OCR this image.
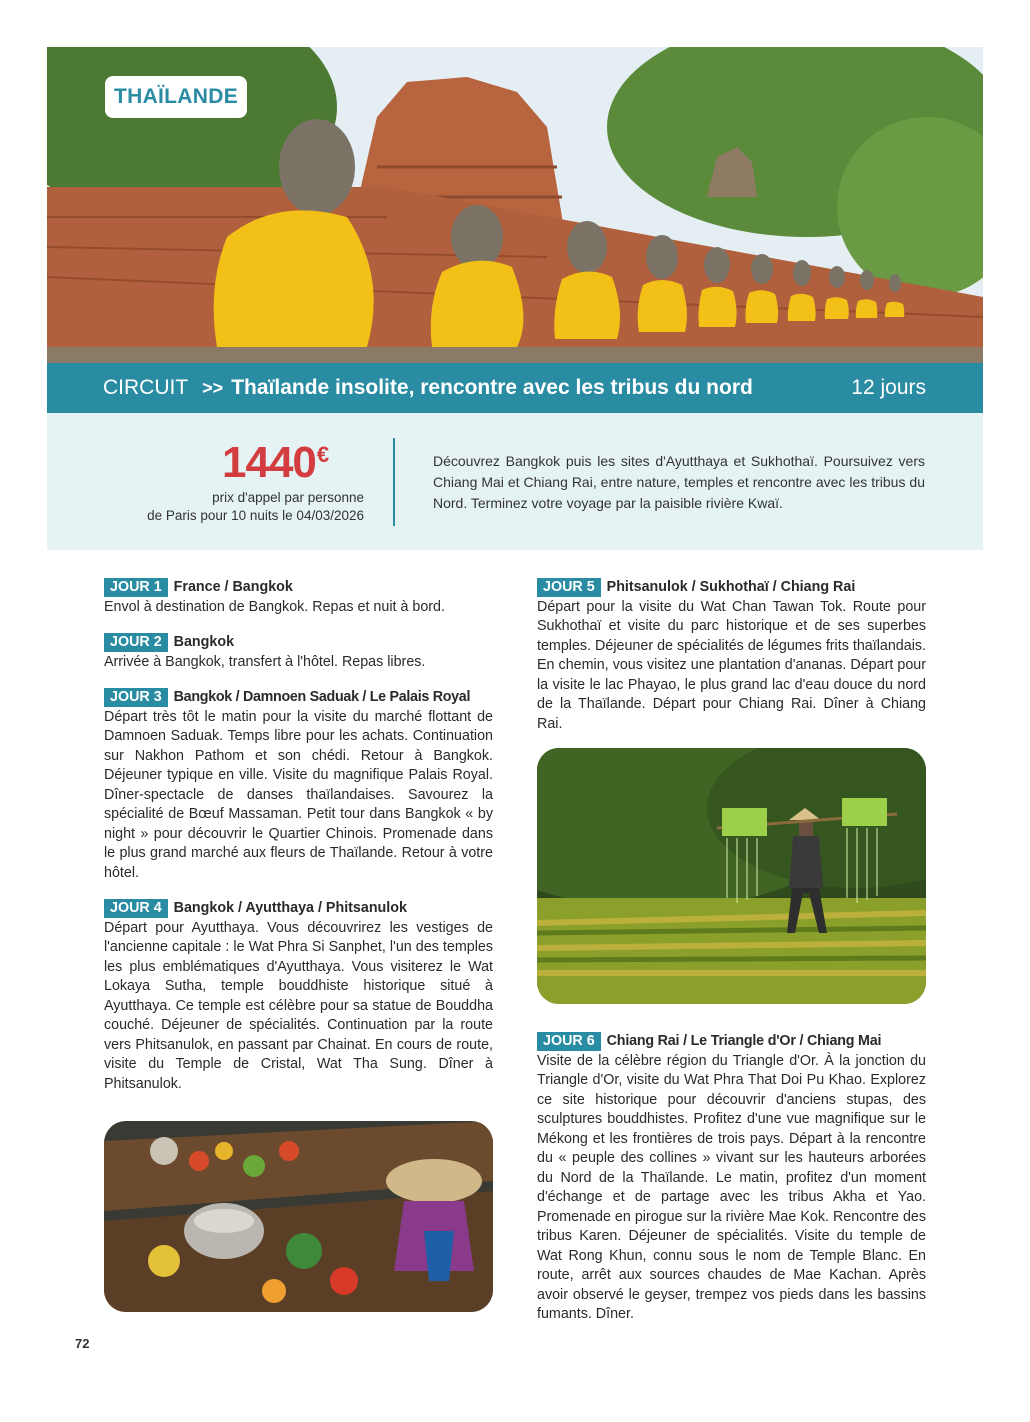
THAÏLANDE
CIRCUIT >> Thaïlande insolite, rencontre avec les tribus du nord	12 jours
1440€
prix d'appel par personne
de Paris pour 10 nuits le 04/03/2026
Découvrez Bangkok puis les sites d'Ayutthaya et Sukhothaï. Poursuivez vers Chiang Mai et Chiang Rai, entre nature, temples et rencontre avec les tribus du Nord. Terminez votre voyage par la paisible rivière Kwaï.
JOUR 1 France / Bangkok
Envol à destination de Bangkok. Repas et nuit à bord.
JOUR 2 Bangkok
Arrivée à Bangkok, transfert à l'hôtel. Repas libres.
JOUR 3 Bangkok / Damnoen Saduak / Le Palais Royal
Départ très tôt le matin pour la visite du marché flottant de Damnoen Saduak. Temps libre pour les achats. Continuation sur Nakhon Pathom et son chédi. Retour à Bangkok. Déjeuner typique en ville. Visite du magnifique Palais Royal. Dîner-spectacle de danses thaïlandaises. Savourez la spécialité de Bœuf Massaman. Petit tour dans Bangkok « by night » pour découvrir le Quartier Chinois. Promenade dans le plus grand marché aux fleurs de Thaïlande. Retour à votre hôtel.
JOUR 4 Bangkok / Ayutthaya / Phitsanulok
Départ pour Ayutthaya. Vous découvrirez les vestiges de l'ancienne capitale : le Wat Phra Si Sanphet, l'un des temples les plus emblématiques d'Ayutthaya. Vous visiterez le Wat Lokaya Sutha, temple bouddhiste historique situé à Ayutthaya. Ce temple est célèbre pour sa statue de Bouddha couché. Déjeuner de spécialités. Continuation par la route vers Phitsanulok, en passant par Chainat. En cours de route, visite du Temple de Cristal, Wat Tha Sung. Dîner à Phitsanulok.
JOUR 5 Phitsanulok / Sukhothaï / Chiang Rai
Départ pour la visite du Wat Chan Tawan Tok. Route pour Sukhothaï et visite du parc historique et de ses superbes temples. Déjeuner de spécialités de légumes frits thaïlandais. En chemin, vous visitez une plantation d'ananas. Départ pour la visite le lac Phayao, le plus grand lac d'eau douce du nord de la Thaïlande. Départ pour Chiang Rai. Dîner à Chiang Rai.
JOUR 6 Chiang Rai / Le Triangle d'Or / Chiang Mai
Visite de la célèbre région du Triangle d'Or. À la jonction du Triangle d'Or, visite du Wat Phra That Doi Pu Khao. Explorez ce site historique pour découvrir d'anciens stupas, des sculptures bouddhistes. Profitez d'une vue magnifique sur le Mékong et les frontières de trois pays. Départ à la rencontre du « peuple des collines » vivant sur les hauteurs arborées du Nord de la Thaïlande. Le matin, profitez d'un moment d'échange et de partage avec les tribus Akha et Yao. Promenade en pirogue sur la rivière Mae Kok. Rencontre des tribus Karen. Déjeuner de spécialités. Visite du temple de Wat Rong Khun, connu sous le nom de Temple Blanc. En route, arrêt aux sources chaudes de Mae Kachan. Après avoir observé le geyser, trempez vos pieds dans les bassins fumants. Dîner.
72
